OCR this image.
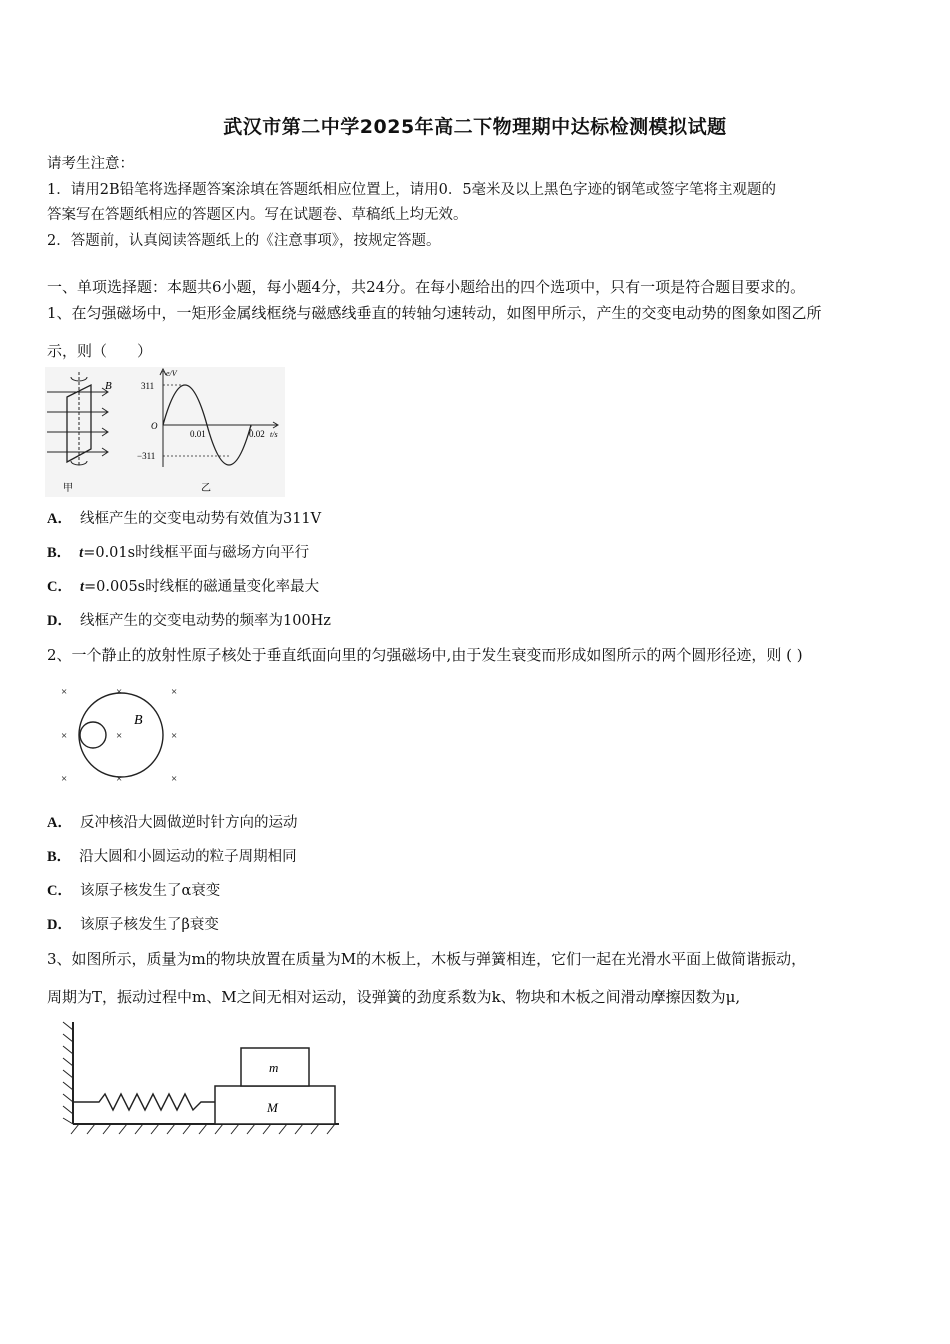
武汉市第二中学2025年高二下物理期中达标检测模拟试题
请考生注意：
1．请用2B铅笔将选择题答案涂填在答题纸相应位置上，请用0．5毫米及以上黑色字迹的钢笔或签字笔将主观题的
答案写在答题纸相应的答题区内。写在试题卷、草稿纸上均无效。
2．答题前，认真阅读答题纸上的《注意事项》，按规定答题。
一、单项选择题：本题共6小题，每小题4分，共24分。在每小题给出的四个选项中，只有一项是符合题目要求的。
1、在匀强磁场中，一矩形金属线框绕与磁感线垂直的转轴匀速转动，如图甲所示，产生的交变电动势的图象如图乙所
示，则（　　）
B
甲
e/V
311
−311
O
0.01	0.02 t/s
乙
A． 线框产生的交变电动势有效值为311V
B． t=0.01s时线框平面与磁场方向平行
C． t=0.005s时线框的磁通量变化率最大
D． 线框产生的交变电动势的频率为100Hz
2、一个静止的放射性原子核处于垂直纸面向里的匀强磁场中,由于发生衰变而形成如图所示的两个圆形径迹，则 ( )
×	×	×
×	×	×
×	×	×
B
A． 反冲核沿大圆做逆时针方向的运动
B． 沿大圆和小圆运动的粒子周期相同
C． 该原子核发生了α衰变
D． 该原子核发生了β衰变
3、如图所示，质量为m的物块放置在质量为M的木板上，木板与弹簧相连，它们一起在光滑水平面上做简谐振动，
周期为T，振动过程中m、M之间无相对运动，设弹簧的劲度系数为k、物块和木板之间滑动摩擦因数为μ,
M
m
